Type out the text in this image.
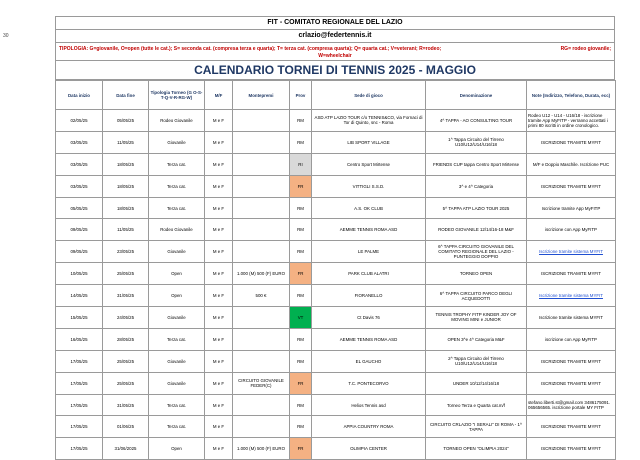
30
FIT - COMITATO REGIONALE DEL LAZIO
crlazio@federtennis.it
TIPOLOGIA: G=giovanile, O=open (tutte le cat.); S= seconda cat. (compresa terza e quarta); T= terza cat. (compresa quarta); Q= quarta cat.; V=veterani; R=rodeo;	RG= rodeo giovanile;
W=wheelchair
CALENDARIO TORNEI DI TENNIS 2025 - MAGGIO
Data inizio	Data fine	Tipologia Torneo (G O-S-T-Q-V-R-RG-W)	M/F	Montepremi	Prov	Sede di gioco	Denominazione	Note (Indirizzo, Telefono, Durata, ecc)
02/05/25	05/05/25	Rodeo Giovanile	M e F		RM	ASD ATP LAZIO TOUR c/o TENNIS&CO, via Fornaci di Tor di Quinto, snc - Roma	4^ TAPPA - AO CONSULTING TOUR	Rodeo U12 - U14 - U16/18 - iscrizione tramite App MyFITP - verranno accettati i primi 80 iscritti in ordine cronologico.
03/05/25	11/05/25	Giovanile	M e F		RM	LIB SPORT VILLAGE	1^ Tappa Circuito del Tirreno U10/U12/U14/U16/18	ISCRIZIONE TRAMITE MYFIT
03/05/25	18/05/25	Terza cat.	M e F		RI	Centro Sport Mirtense	FRIENDS CUP tappa Centro Sport Mirtense	M/F e Doppio Maschile. Iscrizione PUC
03/05/25	18/05/25	Terza cat.	M e F		FR	VITTIGLI S.S.D.	3^ e 4^ Categoria	ISCRIZIONE TRAMITE MYFIT
05/05/25	18/05/25	Terza cat.	M e F		RM	A.S. OK CLUB	5^ TAPPA ATP LAZIO TOUR 2025	Iscrizione tramite App MyFITP
09/05/25	11/05/25	Rodeo Giovanile	M e F		RM	AEMME TENNIS ROMA ASD	RODEO GIOVANILE 12/14/16-18 M&F	iscrizione con App MyFITP
09/05/25	23/05/25	Giovanile	M e F		RM	LE PALME	6^ TAPPA CIRCUITO GIOVANILE DEL COMITATO REGIONALE DEL LAZIO - PUNTEGGIO DOPPIO	Iscrizione tramite sistema MYFIT
10/05/25	25/05/25	Open	M e F	1.000 (M) 500 (F) EURO	FR	PARK CLUB ALATRI	TORNEO OPEN	ISCRIZIONE TRAMITE MYFIT
14/05/25	31/05/25	Open	M e F	500 €	RM	FIORANELLO	6^ TAPPA CIRCUITO PARCO DEGLI ACQUEDOTTI	Iscrizione tramite sistema MYFIT
15/05/25	24/05/25	Giovanile	M e F		VT	Ct Davis 76	TENNIS TROPHY FITP KINDER JOY OF MOVING MINI e JUNIOR	Iscrizione tramite sistema MYFIT
16/05/25	28/05/25	Terza cat.	M e F		RM	AEMME TENNIS ROMA ASD	OPEN 3^e 4^ Categoria M&F	iscrizione con App MyFITP
17/05/25	25/05/25	Giovanile	M e F		RM	EL GAUCHO	2^ Tappa Circuito del Tirreno U10/U12/U14/U16/18	ISCRIZIONE TRAMITE MYFIT
17/05/25	25/05/25	Giovanile	M e F	CIRCUITO GIOVANILE FEDER(C)	FR	T.C. PONTECORVO	UNDER 10/12/14/16/18	ISCRIZIONE TRAMITE MYFIT
17/05/25	31/05/25	Terza cat.	M e F		RM	Helios Tennis asd	Torneo Terza e Quarta cat.m/f	stefano.liberti.st@gmail.com 3486175091. 065656565. iscrizione portale MY FITP
17/05/25	01/06/25	Terza cat.	M e F		RM	APPIA COUNTRY ROMA	CIRCUITO CRLAZIO "I SERALI" DI ROMA - 1^ TAPPA	ISCRIZIONE TRAMITE MYFIT
17/05/25	31/06/2025	Open	M e F	1.000 (M) 500 (F) EURO	FR	OLIMPIA CENTER	TORNEO OPEN "OLIMPIA 2024"	ISCRIZIONE TRAMITE MYFIT
